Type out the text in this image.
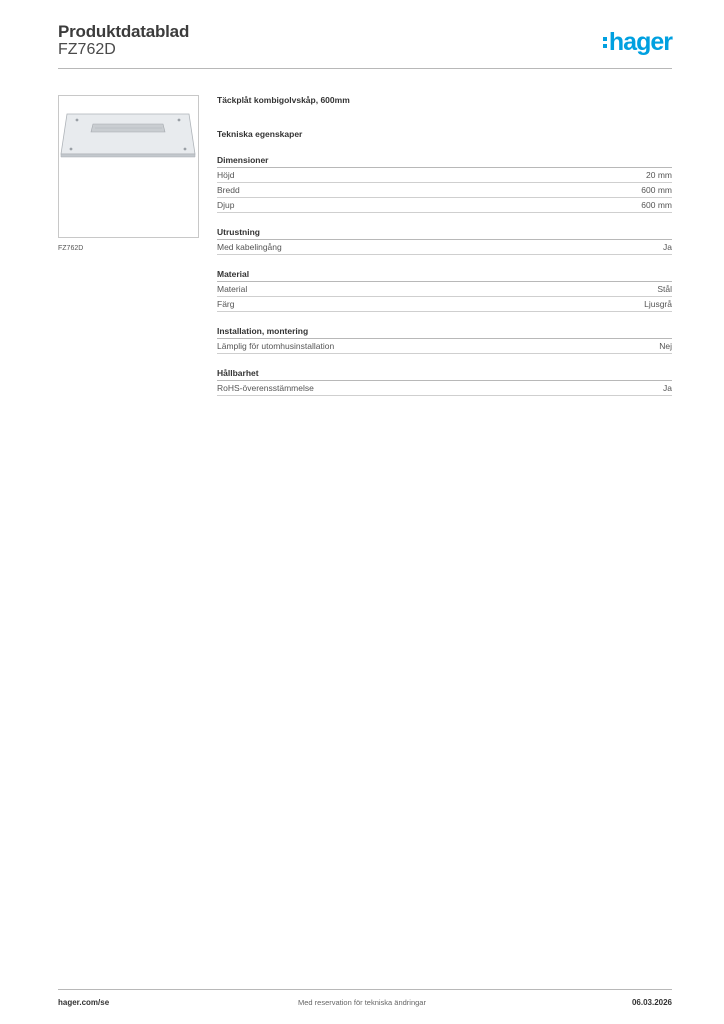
Produktdatablad
FZ762D	hager
FZ762D
Täckplåt kombigolvskåp, 600mm
Tekniska egenskaper
Dimensioner
Höjd	20 mm
Bredd	600 mm
Djup	600 mm
Utrustning
Med kabelingång	Ja
Material
Material	Stål
Färg	Ljusgrå
Installation, montering
Lämplig för utomhusinstallation	Nej
Hållbarhet
RoHS-överensstämmelse	Ja
hager.com/se	Med reservation för tekniska ändringar	06.03.2026
